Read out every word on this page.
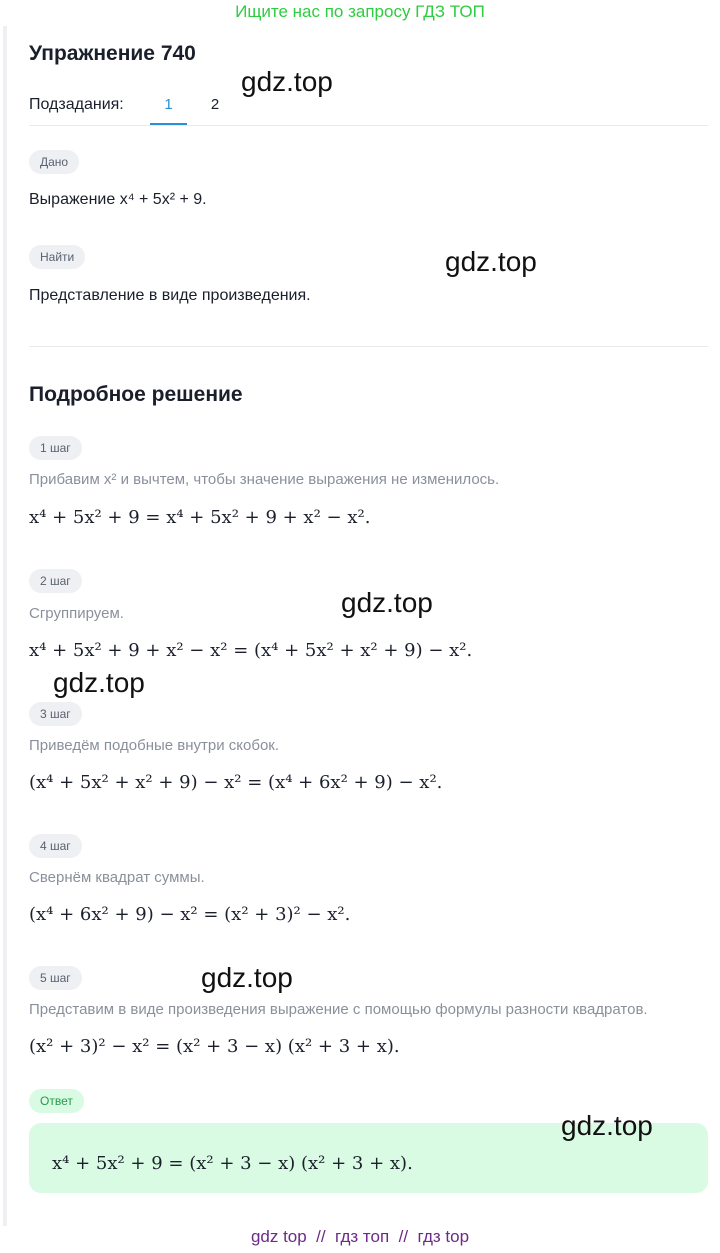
Ищите нас по запросу ГДЗ ТОП
Упражнение 740
Подзадания:	1	2
Дано
Выражение x⁴ + 5x² + 9.
Найти
Представление в виде произведения.
Подробное решение
1 шаг
Прибавим x² и вычтем, чтобы значение выражения не изменилось.
x⁴ + 5x² + 9 = x⁴ + 5x² + 9 + x² − x².
2 шаг
Сгруппируем.
x⁴ + 5x² + 9 + x² − x² = (x⁴ + 5x² + x² + 9) − x².
3 шаг
Приведём подобные внутри скобок.
(x⁴ + 5x² + x² + 9) − x² = (x⁴ + 6x² + 9) − x².
4 шаг
Свернём квадрат суммы.
(x⁴ + 6x² + 9) − x² = (x² + 3)² − x².
5 шаг
Представим в виде произведения выражение с помощью формулы разности квадратов.
(x² + 3)² − x² = (x² + 3 − x) (x² + 3 + x).
Ответ
x⁴ + 5x² + 9 = (x² + 3 − x) (x² + 3 + x).
gdz.top
gdz.top
gdz.top
gdz.top
gdz.top
gdz.top
gdz top  //  гдз топ  //  гдз top
